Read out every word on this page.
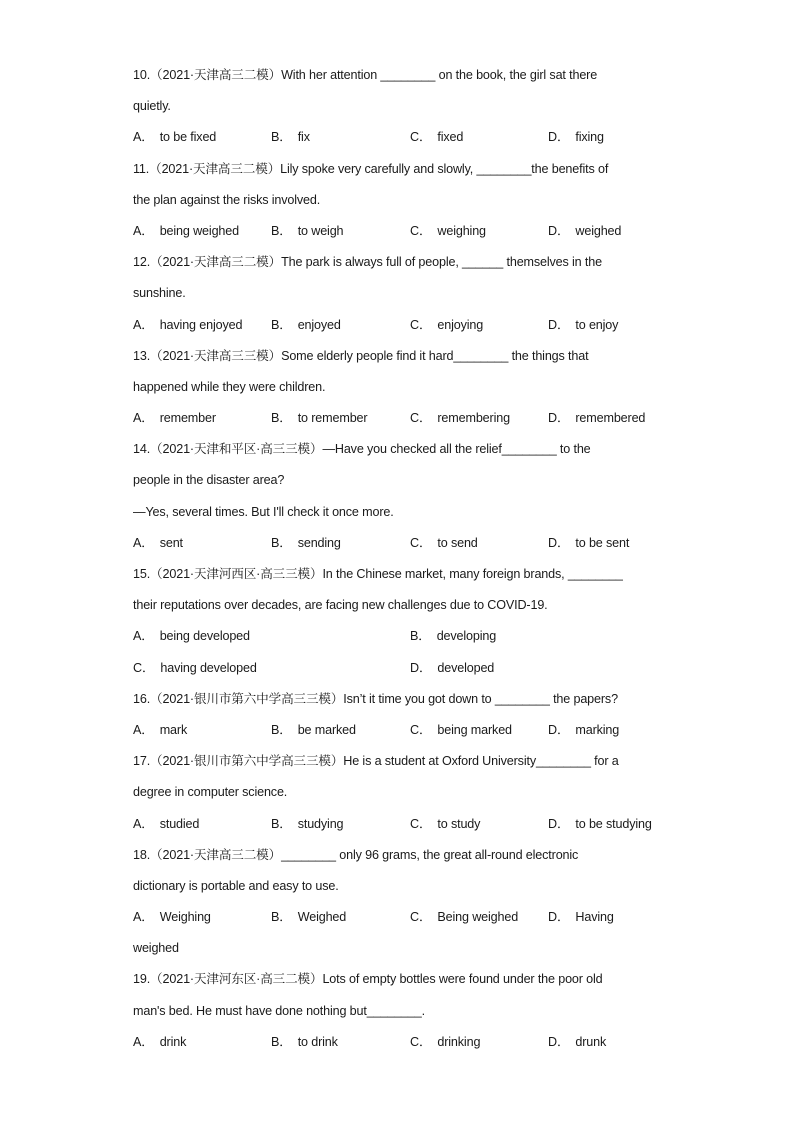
10.（2021·天津高三二模）With her attention ________ on the book, the girl sat there
quietly.
A． to be fixed	B． fix	C． fixed	D． fixing
11.（2021·天津高三二模）Lily spoke very carefully and slowly, ________the benefits of
the plan against the risks involved.
A． being weighed	B． to weigh	C． weighing	D． weighed
12.（2021·天津高三二模）The park is always full of people, ______ themselves in the
sunshine.
A． having enjoyed B． enjoyed	C． enjoying	D． to enjoy
13.（2021·天津高三三模）Some elderly people find it hard________ the things that
happened while they were children.
A． remember	B． to remember	C． remembering	D． remembered
14.（2021·天津和平区·高三三模）—Have you checked all the relief________ to the
people in the disaster area?
—Yes, several times. But I'll check it once more.
A． sent	B． sending	C． to send	D． to be sent
15.（2021·天津河西区·高三三模）In the Chinese market, many foreign brands, ________
their reputations over decades, are facing new challenges due to COVID-19.
A． being developed	B． developing
C． having developed	D． developed
16.（2021·银川市第六中学高三三模）Isn’t it time you got down to ________ the papers?
A． mark	B． be marked	C． being marked	D． marking
17.（2021·银川市第六中学高三三模）He is a student at Oxford University________ for a
degree in computer science.
A． studied	B． studying	C． to study	D． to be studying
18.（2021·天津高三二模）________ only 96 grams, the great all-round electronic
dictionary is portable and easy to use.
A． Weighing	B． Weighed	C． Being weighed D． Having
weighed
19.（2021·天津河东区·高三二模）Lots of empty bottles were found under the poor old
man's bed. He must have done nothing but________.
A． drink	B． to drink	C． drinking	D． drunk
